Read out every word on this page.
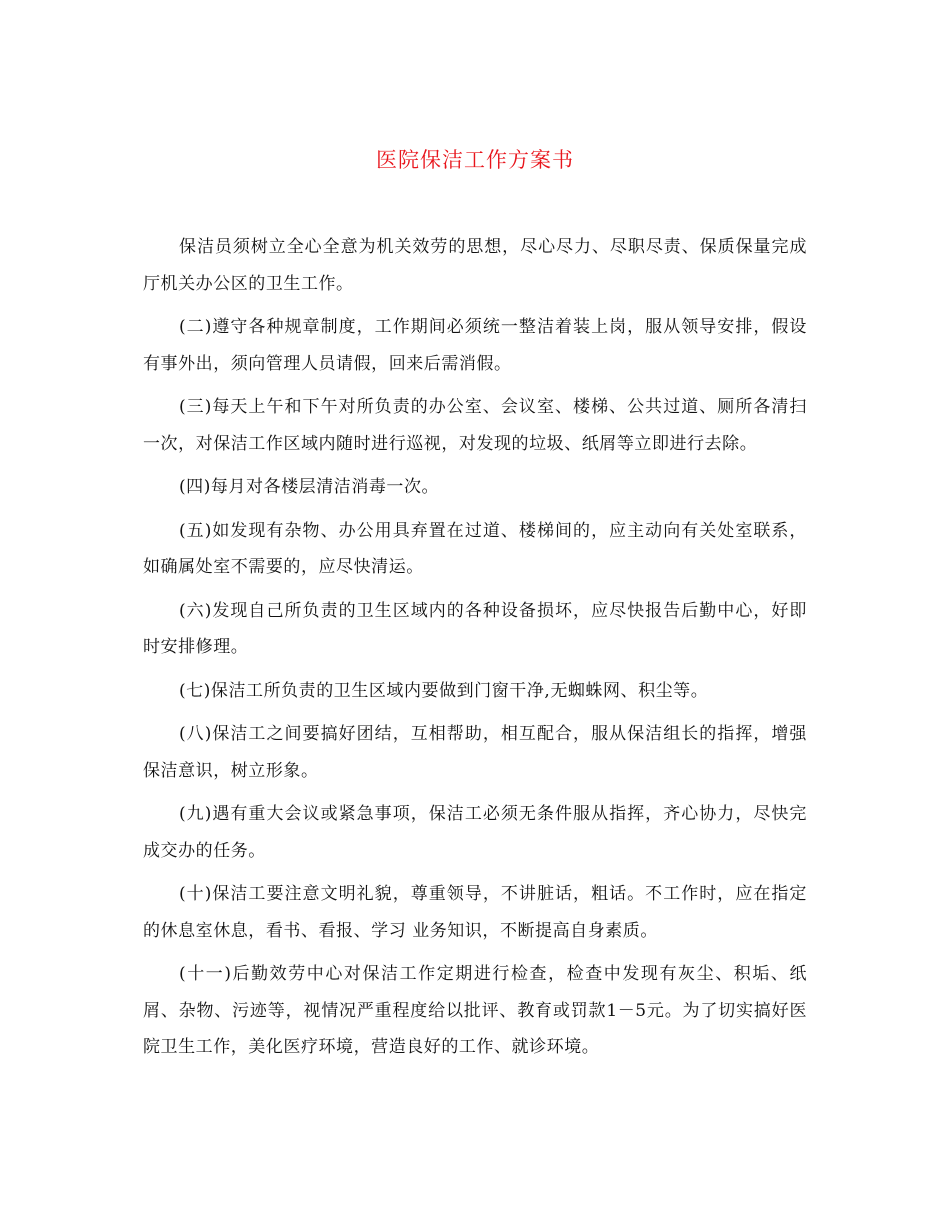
医院保洁工作方案书

保洁员须树立全心全意为机关效劳的思想，尽心尽力、尽职尽责、保质保量完成厅机关办公区的卫生工作。

(二)遵守各种规章制度，工作期间必须统一整洁着装上岗，服从领导安排，假设有事外出，须向管理人员请假，回来后需消假。

(三)每天上午和下午对所负责的办公室、会议室、楼梯、公共过道、厕所各清扫一次，对保洁工作区域内随时进行巡视，对发现的垃圾、纸屑等立即进行去除。

(四)每月对各楼层清洁消毒一次。

(五)如发现有杂物、办公用具弃置在过道、楼梯间的，应主动向有关处室联系，如确属处室不需要的，应尽快清运。

(六)发现自己所负责的卫生区域内的各种设备损坏，应尽快报告后勤中心，好即时安排修理。

(七)保洁工所负责的卫生区域内要做到门窗干净,无蜘蛛网、积尘等。

(八)保洁工之间要搞好团结，互相帮助，相互配合，服从保洁组长的指挥，增强保洁意识，树立形象。

(九)遇有重大会议或紧急事项，保洁工必须无条件服从指挥，齐心协力，尽快完成交办的任务。

(十)保洁工要注意文明礼貌，尊重领导，不讲脏话，粗话。不工作时，应在指定的休息室休息，看书、看报、学习 业务知识，不断提高自身素质。

(十一)后勤效劳中心对保洁工作定期进行检查，检查中发现有灰尘、积垢、纸屑、杂物、污迹等，视情况严重程度给以批评、教育或罚款1－5元。为了切实搞好医院卫生工作，美化医疗环境，营造良好的工作、就诊环境。
